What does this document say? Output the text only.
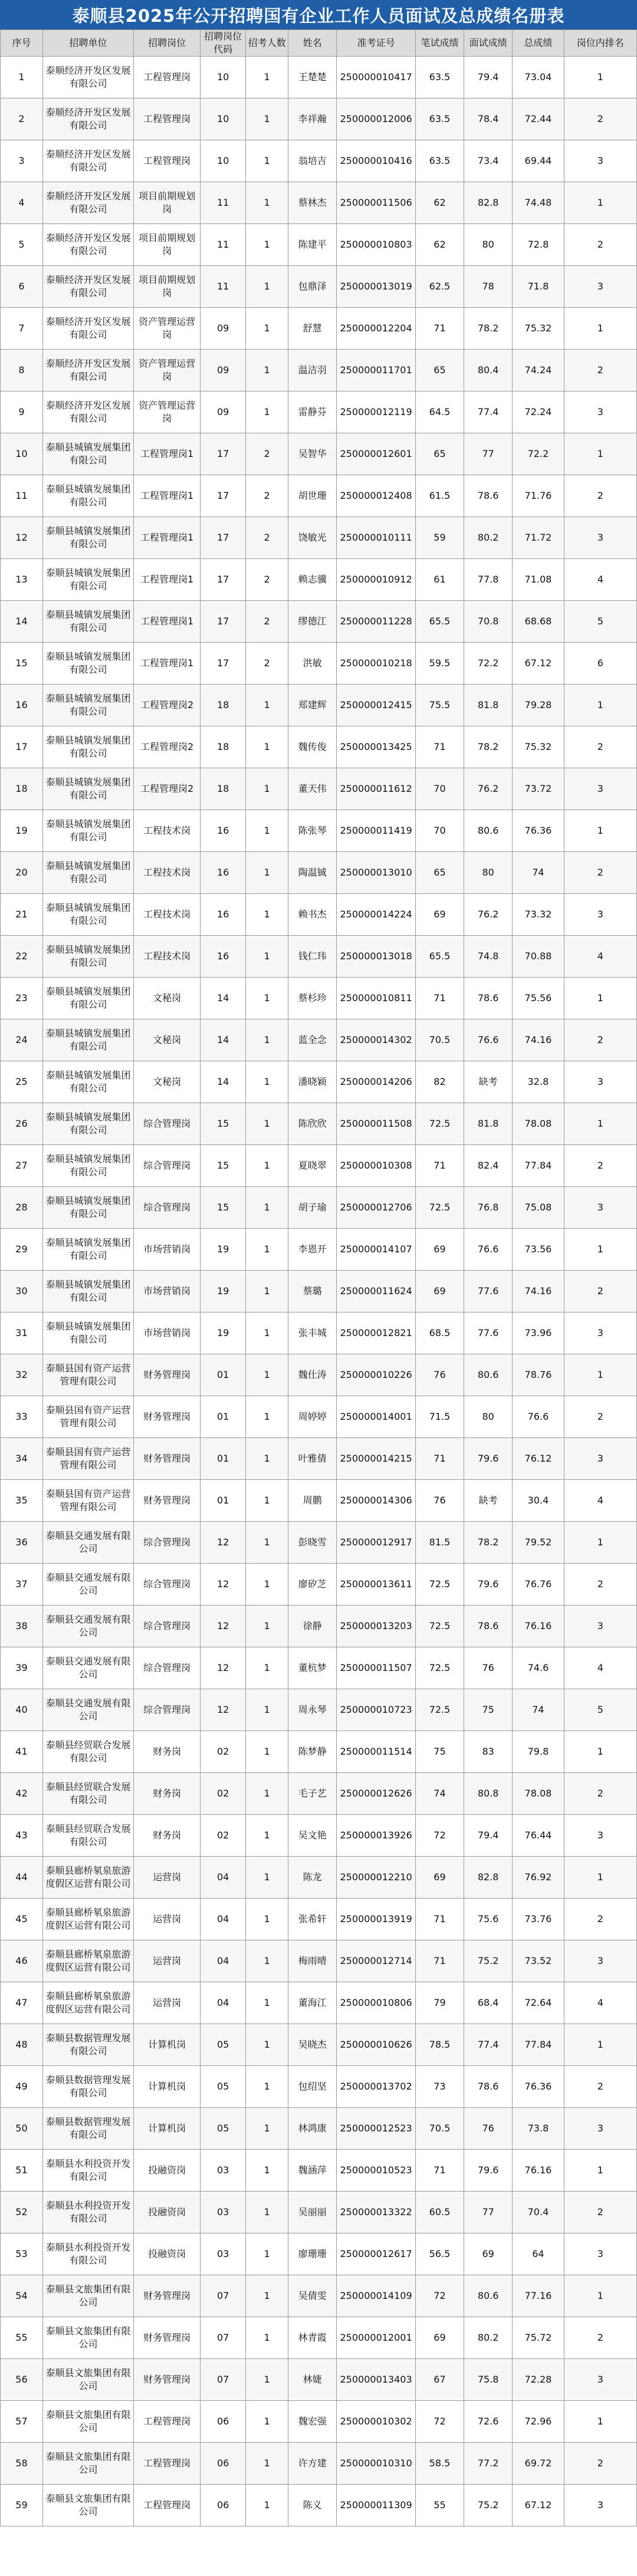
泰顺县2025年公开招聘国有企业工作人员面试及总成绩名册表
序号	招聘单位	招聘岗位	招聘岗位代码	招考人数	姓名	准考证号	笔试成绩	面试成绩	总成绩	岗位内排名
1	泰顺经济开发区发展有限公司	工程管理岗	10	1	王楚楚	250000010417	63.5	79.4	73.04	1
2	泰顺经济开发区发展有限公司	工程管理岗	10	1	李祥瀚	250000012006	63.5	78.4	72.44	2
3	泰顺经济开发区发展有限公司	工程管理岗	10	1	翁培吉	250000010416	63.5	73.4	69.44	3
4	泰顺经济开发区发展有限公司	项目前期规划岗	11	1	蔡林杰	250000011506	62	82.8	74.48	1
5	泰顺经济开发区发展有限公司	项目前期规划岗	11	1	陈建平	250000010803	62	80	72.8	2
6	泰顺经济开发区发展有限公司	项目前期规划岗	11	1	包鼎泽	250000013019	62.5	78	71.8	3
7	泰顺经济开发区发展有限公司	资产管理运营岗	09	1	舒慧	250000012204	71	78.2	75.32	1
8	泰顺经济开发区发展有限公司	资产管理运营岗	09	1	温洁羽	250000011701	65	80.4	74.24	2
9	泰顺经济开发区发展有限公司	资产管理运营岗	09	1	雷静芬	250000012119	64.5	77.4	72.24	3
10	泰顺县城镇发展集团有限公司	工程管理岗1	17	2	吴智华	250000012601	65	77	72.2	1
11	泰顺县城镇发展集团有限公司	工程管理岗1	17	2	胡世珊	250000012408	61.5	78.6	71.76	2
12	泰顺县城镇发展集团有限公司	工程管理岗1	17	2	饶敏光	250000010111	59	80.2	71.72	3
13	泰顺县城镇发展集团有限公司	工程管理岗1	17	2	赖志骥	250000010912	61	77.8	71.08	4
14	泰顺县城镇发展集团有限公司	工程管理岗1	17	2	缪德江	250000011228	65.5	70.8	68.68	5
15	泰顺县城镇发展集团有限公司	工程管理岗1	17	2	洪敏	250000010218	59.5	72.2	67.12	6
16	泰顺县城镇发展集团有限公司	工程管理岗2	18	1	郑建辉	250000012415	75.5	81.8	79.28	1
17	泰顺县城镇发展集团有限公司	工程管理岗2	18	1	魏传俊	250000013425	71	78.2	75.32	2
18	泰顺县城镇发展集团有限公司	工程管理岗2	18	1	董天伟	250000011612	70	76.2	73.72	3
19	泰顺县城镇发展集团有限公司	工程技术岗	16	1	陈张琴	250000011419	70	80.6	76.36	1
20	泰顺县城镇发展集团有限公司	工程技术岗	16	1	陶温铖	250000013010	65	80	74	2
21	泰顺县城镇发展集团有限公司	工程技术岗	16	1	赖书杰	250000014224	69	76.2	73.32	3
22	泰顺县城镇发展集团有限公司	工程技术岗	16	1	钱仁玮	250000013018	65.5	74.8	70.88	4
23	泰顺县城镇发展集团有限公司	文秘岗	14	1	蔡杉珍	250000010811	71	78.6	75.56	1
24	泰顺县城镇发展集团有限公司	文秘岗	14	1	蓝全念	250000014302	70.5	76.6	74.16	2
25	泰顺县城镇发展集团有限公司	文秘岗	14	1	潘晓颖	250000014206	82	缺考	32.8	3
26	泰顺县城镇发展集团有限公司	综合管理岗	15	1	陈欣欣	250000011508	72.5	81.8	78.08	1
27	泰顺县城镇发展集团有限公司	综合管理岗	15	1	夏晓翠	250000010308	71	82.4	77.84	2
28	泰顺县城镇发展集团有限公司	综合管理岗	15	1	胡子瑜	250000012706	72.5	76.8	75.08	3
29	泰顺县城镇发展集团有限公司	市场营销岗	19	1	李恩开	250000014107	69	76.6	73.56	1
30	泰顺县城镇发展集团有限公司	市场营销岗	19	1	蔡璐	250000011624	69	77.6	74.16	2
31	泰顺县城镇发展集团有限公司	市场营销岗	19	1	张丰城	250000012821	68.5	77.6	73.96	3
32	泰顺县国有资产运营管理有限公司	财务管理岗	01	1	魏仕涛	250000010226	76	80.6	78.76	1
33	泰顺县国有资产运营管理有限公司	财务管理岗	01	1	周婷婷	250000014001	71.5	80	76.6	2
34	泰顺县国有资产运营管理有限公司	财务管理岗	01	1	叶雅倩	250000014215	71	79.6	76.12	3
35	泰顺县国有资产运营管理有限公司	财务管理岗	01	1	周鹏	250000014306	76	缺考	30.4	4
36	泰顺县交通发展有限公司	综合管理岗	12	1	彭晓雪	250000012917	81.5	78.2	79.52	1
37	泰顺县交通发展有限公司	综合管理岗	12	1	廖矽芝	250000013611	72.5	79.6	76.76	2
38	泰顺县交通发展有限公司	综合管理岗	12	1	徐静	250000013203	72.5	78.6	76.16	3
39	泰顺县交通发展有限公司	综合管理岗	12	1	董杭梦	250000011507	72.5	76	74.6	4
40	泰顺县交通发展有限公司	综合管理岗	12	1	周永琴	250000010723	72.5	75	74	5
41	泰顺县经贸联合发展有限公司	财务岗	02	1	陈梦静	250000011514	75	83	79.8	1
42	泰顺县经贸联合发展有限公司	财务岗	02	1	毛子艺	250000012626	74	80.8	78.08	2
43	泰顺县经贸联合发展有限公司	财务岗	02	1	吴文艳	250000013926	72	79.4	76.44	3
44	泰顺县廊桥氡泉旅游度假区运营有限公司	运营岗	04	1	陈龙	250000012210	69	82.8	76.92	1
45	泰顺县廊桥氡泉旅游度假区运营有限公司	运营岗	04	1	张希轩	250000013919	71	75.6	73.76	2
46	泰顺县廊桥氡泉旅游度假区运营有限公司	运营岗	04	1	梅雨晴	250000012714	71	75.2	73.52	3
47	泰顺县廊桥氡泉旅游度假区运营有限公司	运营岗	04	1	董海江	250000010806	79	68.4	72.64	4
48	泰顺县数据管理发展有限公司	计算机岗	05	1	吴晓杰	250000010626	78.5	77.4	77.84	1
49	泰顺县数据管理发展有限公司	计算机岗	05	1	包绍坚	250000013702	73	78.6	76.36	2
50	泰顺县数据管理发展有限公司	计算机岗	05	1	林鸿康	250000012523	70.5	76	73.8	3
51	泰顺县水利投资开发有限公司	投融资岗	03	1	魏涵萍	250000010523	71	79.6	76.16	1
52	泰顺县水利投资开发有限公司	投融资岗	03	1	吴丽丽	250000013322	60.5	77	70.4	2
53	泰顺县水利投资开发有限公司	投融资岗	03	1	廖珊珊	250000012617	56.5	69	64	3
54	泰顺县文旅集团有限公司	财务管理岗	07	1	吴倩雯	250000014109	72	80.6	77.16	1
55	泰顺县文旅集团有限公司	财务管理岗	07	1	林青霞	250000012001	69	80.2	75.72	2
56	泰顺县文旅集团有限公司	财务管理岗	07	1	林婕	250000013403	67	75.8	72.28	3
57	泰顺县文旅集团有限公司	工程管理岗	06	1	魏宏强	250000010302	72	72.6	72.96	1
58	泰顺县文旅集团有限公司	工程管理岗	06	1	许方建	250000010310	58.5	77.2	69.72	2
59	泰顺县文旅集团有限公司	工程管理岗	06	1	陈义	250000011309	55	75.2	67.12	3
